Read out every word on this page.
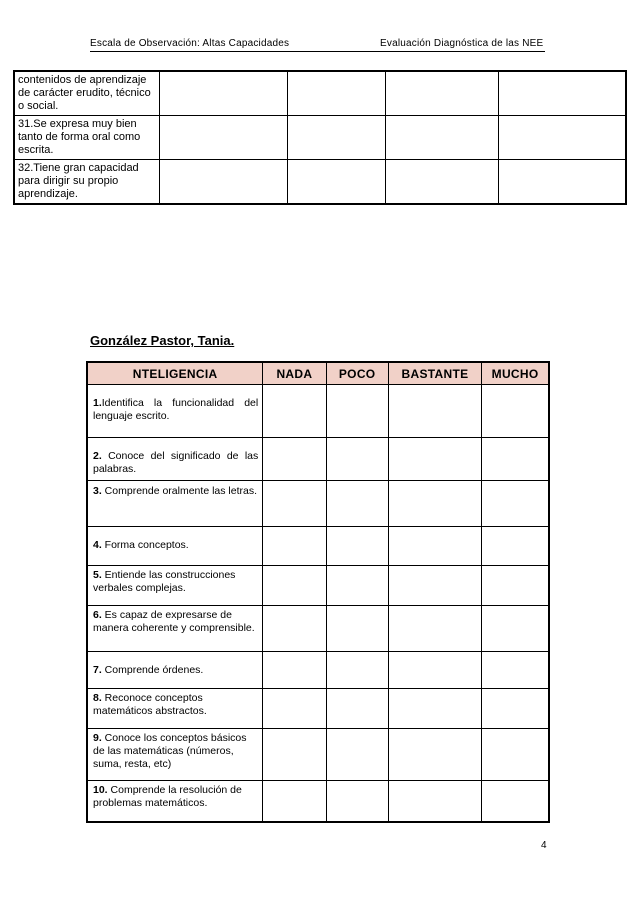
Escala de Observación: Altas Capacidades	Evaluación Diagnóstica de las NEE
contenidos de aprendizaje de carácter erudito, técnico o social.				
31.Se expresa muy bien tanto de forma oral como escrita.				
32.Tiene gran capacidad para dirigir su propio aprendizaje.				
González Pastor, Tania.
NTELIGENCIA	NADA	POCO	BASTANTE	MUCHO
1.Identifica la funcionalidad del lenguaje escrito.				
2. Conoce del significado de las palabras.				
3. Comprende oralmente las letras.				
4. Forma conceptos.				
5. Entiende las construcciones verbales complejas.				
6. Es capaz de expresarse de manera coherente y comprensible.				
7. Comprende órdenes.				
8. Reconoce conceptos matemáticos abstractos.				
9. Conoce los conceptos básicos de las matemáticas (números, suma, resta, etc)				
10. Comprende la resolución de problemas matemáticos.				
4
